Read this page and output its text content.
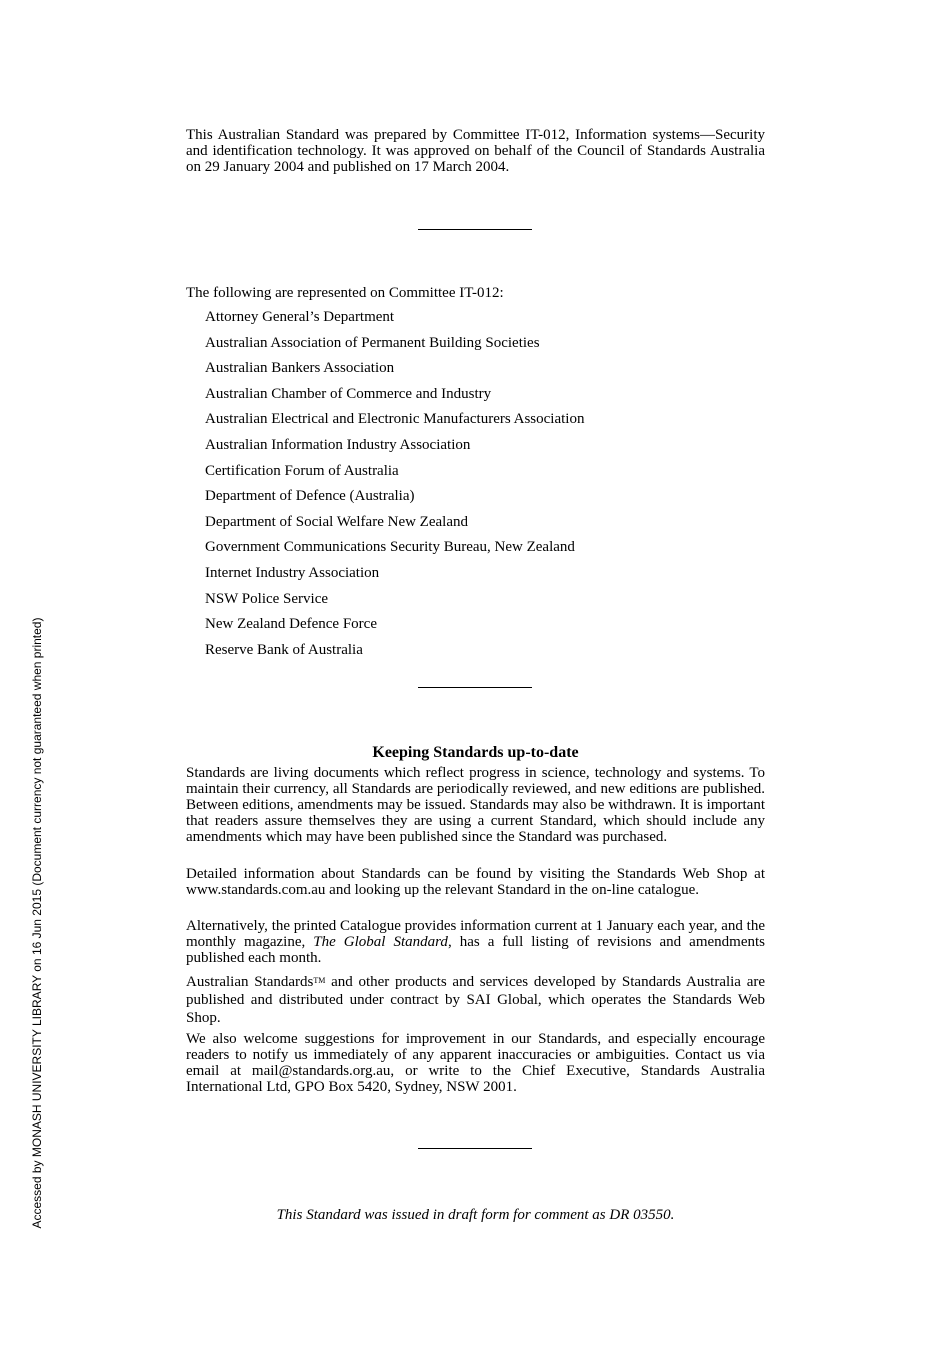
This Australian Standard was prepared by Committee IT-012, Information systems—Security and identification technology. It was approved on behalf of the Council of Standards Australia on 29 January 2004 and published on 17 March 2004.

The following are represented on Committee IT-012:

Attorney General’s Department
Australian Association of Permanent Building Societies
Australian Bankers Association
Australian Chamber of Commerce and Industry
Australian Electrical and Electronic Manufacturers Association
Australian Information Industry Association
Certification Forum of Australia
Department of Defence (Australia)
Department of Social Welfare New Zealand
Government Communications Security Bureau, New Zealand
Internet Industry Association
NSW Police Service
New Zealand Defence Force
Reserve Bank of Australia
Keeping Standards up-to-date

Standards are living documents which reflect progress in science, technology and systems. To maintain their currency, all Standards are periodically reviewed, and new editions are published. Between editions, amendments may be issued. Standards may also be withdrawn. It is important that readers assure themselves they are using a current Standard, which should include any amendments which may have been published since the Standard was purchased.

Detailed information about Standards can be found by visiting the Standards Web Shop at www.standards.com.au and looking up the relevant Standard in the on-line catalogue.

Alternatively, the printed Catalogue provides information current at 1 January each year, and the monthly magazine, The Global Standard, has a full listing of revisions and amendments published each month.

Australian Standards™ and other products and services developed by Standards Australia are published and distributed under contract by SAI Global, which operates the Standards Web Shop.

We also welcome suggestions for improvement in our Standards, and especially encourage readers to notify us immediately of any apparent inaccuracies or ambiguities. Contact us via email at mail@standards.org.au, or write to the Chief Executive, Standards Australia International Ltd, GPO Box 5420, Sydney, NSW 2001.

This Standard was issued in draft form for comment as DR 03550.

Accessed by MONASH UNIVERSITY LIBRARY on 16 Jun 2015 (Document currency not guaranteed when printed)
